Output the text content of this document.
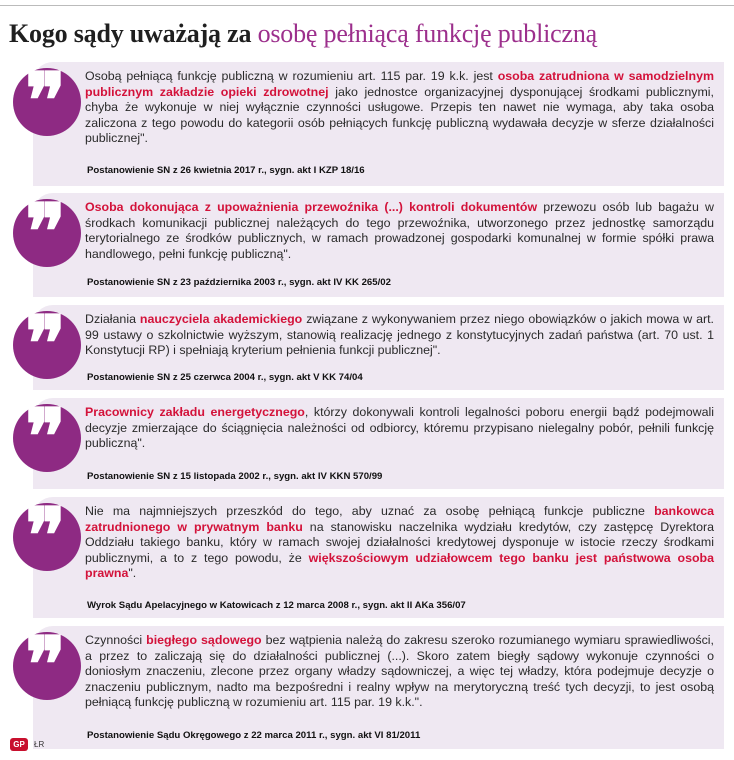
Kogo sądy uważają za osobę pełniącą funkcję publiczną
❞ Osobą pełniącą funkcję publiczną w rozumieniu art. 115 par. 19 k.k. jest osoba zatrudniona w samodzielnym publicznym zakładzie opieki zdrowotnej jako jednostce organizacyjnej dysponującej środkami publicznymi, chyba że wykonuje w niej wyłącznie czynności usługowe. Przepis ten nawet nie wymaga, aby taka osoba zaliczona z tego powodu do kategorii osób pełniących funkcję publiczną wydawała decyzje w sferze działalności publicznej".
Postanowienie SN z 26 kwietnia 2017 r., sygn. akt I KZP 18/16
❞ Osoba dokonująca z upoważnienia przewoźnika (...) kontroli dokumentów przewozu osób lub bagażu w środkach komunikacji publicznej należących do tego przewoźnika, utworzonego przez jednostkę samorządu terytorialnego ze środków publicznych, w ramach prowadzonej gospodarki komunalnej w formie spółki prawa handlowego, pełni funkcję publiczną".
Postanowienie SN z 23 października 2003 r., sygn. akt IV KK 265/02
❞ Działania nauczyciela akademickiego związane z wykonywaniem przez niego obowiązków o jakich mowa w art. 99 ustawy o szkolnictwie wyższym, stanowią realizację jednego z konstytucyjnych zadań państwa (art. 70 ust. 1 Konstytucji RP) i spełniają kryterium pełnienia funkcji publicznej".
Postanowienie SN z 25 czerwca 2004 r., sygn. akt V KK 74/04
❞ Pracownicy zakładu energetycznego, którzy dokonywali kontroli legalności poboru energii bądź podejmowali decyzje zmierzające do ściągnięcia należności od odbiorcy, któremu przypisano nielegalny pobór, pełnili funkcję publiczną".
Postanowienie SN z 15 listopada 2002 r., sygn. akt IV KKN 570/99
❞ Nie ma najmniejszych przeszkód do tego, aby uznać za osobę pełniącą funkcje publiczne bankowca zatrudnionego w prywatnym banku na stanowisku naczelnika wydziału kredytów, czy zastępcę Dyrektora Oddziału takiego banku, który w ramach swojej działalności kredytowej dysponuje w istocie rzeczy środkami publicznymi, a to z tego powodu, że większościowym udziałowcem tego banku jest państwowa osoba prawna".
Wyrok Sądu Apelacyjnego w Katowicach z 12 marca 2008 r., sygn. akt II AKa 356/07
❞ Czynności biegłego sądowego bez wątpienia należą do zakresu szeroko rozumianego wymiaru sprawiedliwości, a przez to zaliczają się do działalności publicznej (...). Skoro zatem biegły sądowy wykonuje czynności o doniosłym znaczeniu, zlecone przez organy władzy sądowniczej, a więc tej władzy, która podejmuje decyzje o znaczeniu publicznym, nadto ma bezpośredni i realny wpływ na merytoryczną treść tych decyzji, to jest osobą pełniącą funkcję publiczną w rozumieniu art. 115 par. 19 k.k.".
Postanowienie Sądu Okręgowego z 22 marca 2011 r., sygn. akt VI 81/2011
GP	ŁR
